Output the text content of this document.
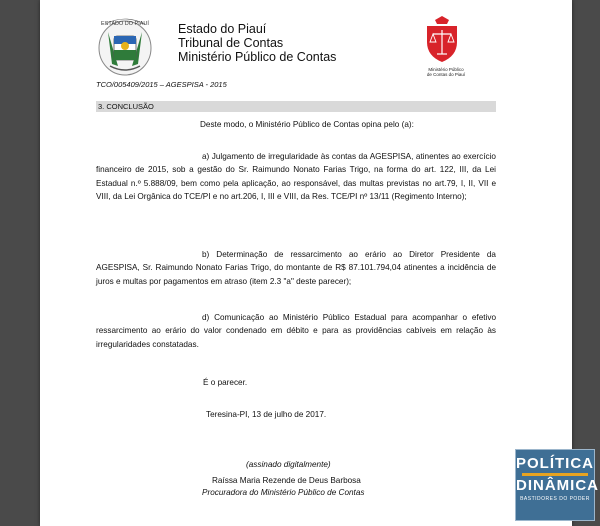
ESTADO DO PIAUÍ Estado do Piauí
Tribunal de Contas
Ministério Público de Contas
Ministério Público de Contas do Piauí
TCO/005409/2015 – AGESPISA - 2015
3. CONCLUSÃO
Deste modo, o Ministério Público de Contas opina pelo (a):
a) Julgamento de irregularidade às contas da AGESPISA, atinentes ao exercício financeiro de 2015, sob a gestão do Sr. Raimundo Nonato Farias Trigo, na forma do art. 122, III, da Lei Estadual n.º 5.888/09, bem como pela aplicação, ao responsável, das multas previstas no art.79, I, II, VII e VIII, da Lei Orgânica do TCE/PI e no art.206, I, III e VIII, da Res. TCE/PI nº 13/11 (Regimento Interno);
b) Determinação de ressarcimento ao erário ao Diretor Presidente da AGESPISA, Sr. Raimundo Nonato Farias Trigo, do montante de R$ 87.101.794,04 atinentes a incidência de juros e multas por pagamentos em atraso (item 2.3 "a" deste parecer);
d) Comunicação ao Ministério Público Estadual para acompanhar o efetivo ressarcimento ao erário do valor condenado em débito e para as providências cabíveis em relação às irregularidades constatadas.
É o parecer.
Teresina-PI, 13 de julho de 2017.
(assinado digitalmente)
Raíssa Maria Rezende de Deus Barbosa
Procuradora do Ministério Público de Contas
POLÍTICA
DINÂMICA
BASTIDORES DO PODER
